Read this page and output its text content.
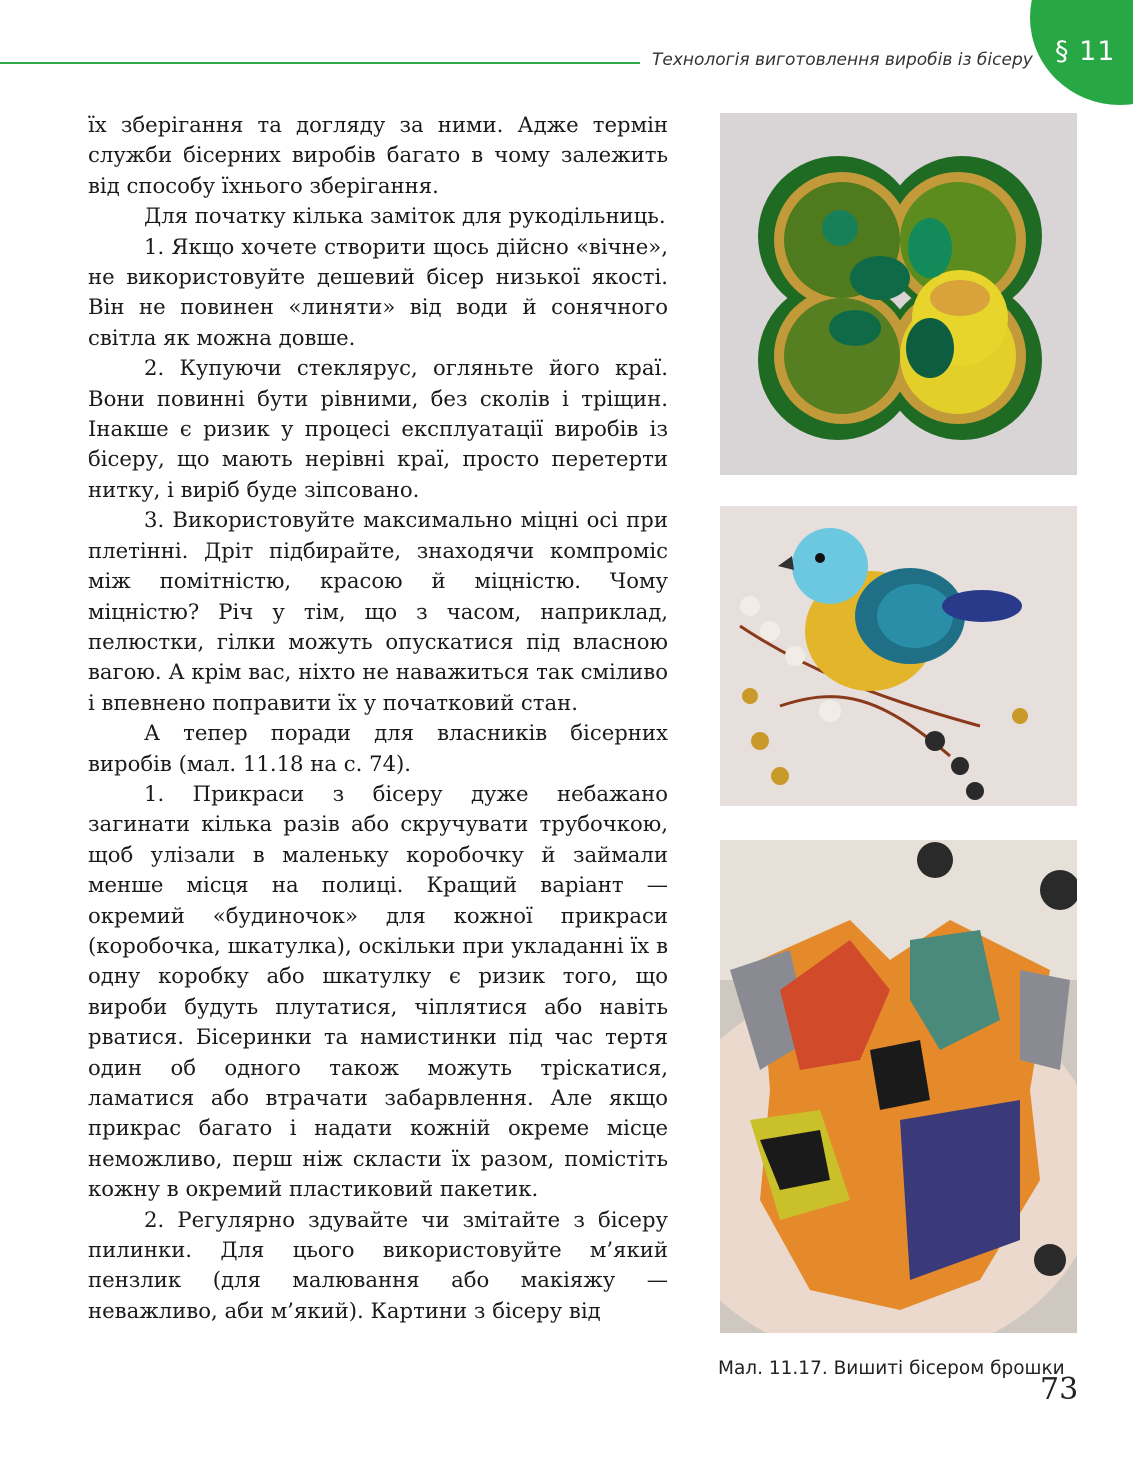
Технологія виготовлення виробів із бісеру § 11

їх зберігання та догляду за ними. Адже термін служби бісерних виробів багато в чому залежить від способу їхнього зберігання.

Для початку кілька заміток для рукодільниць.

1. Якщо хочете створити щось дійсно «вічне», не використовуйте дешевий бісер низької якості. Він не повинен «линяти» від води й сонячного світла як можна довше.

2. Купуючи стеклярус, огляньте його краї. Вони повинні бути рівними, без сколів і тріщин. Інакше є ризик у процесі експлуатації виробів із бісеру, що мають нерівні краї, просто перетерти нитку, і виріб буде зіпсовано.

3. Використовуйте максимально міцні осі при плетінні. Дріт підбирайте, знаходячи компроміс між помітністю, красою й міцністю. Чому міцністю? Річ у тім, що з часом, наприклад, пелюстки, гілки можуть опускатися під власною вагою. А крім вас, ніхто не наважиться так сміливо і впевнено поправити їх у початковий стан.

А тепер поради для власників бісерних виробів (мал. 11.18 на с. 74).

1. Прикраси з бісеру дуже небажано загинати кілька разів або скручувати трубочкою, щоб улізали в маленьку коробочку й займали менше місця на полиці. Кращий варіант — окремий «будиночок» для кожної прикраси (коробочка, шкатулка), оскільки при укладанні їх в одну коробку або шкатулку є ризик того, що вироби будуть плутатися, чіплятися або навіть рватися. Бісеринки та намистинки під час тертя один об одного також можуть тріскатися, ламатися або втрачати забарвлення. Але якщо прикрас багато і надати кожній окреме місце неможливо, перш ніж скласти їх разом, помістіть кожну в окремий пластиковий пакетик.

2. Регулярно здувайте чи змітайте з бісеру пилинки. Для цього використовуйте м’який пензлик (для малювання або макіяжу — неважливо, аби м’який). Картини з бісеру від

Мал. 11.17. Вишиті бісером брошки
73
